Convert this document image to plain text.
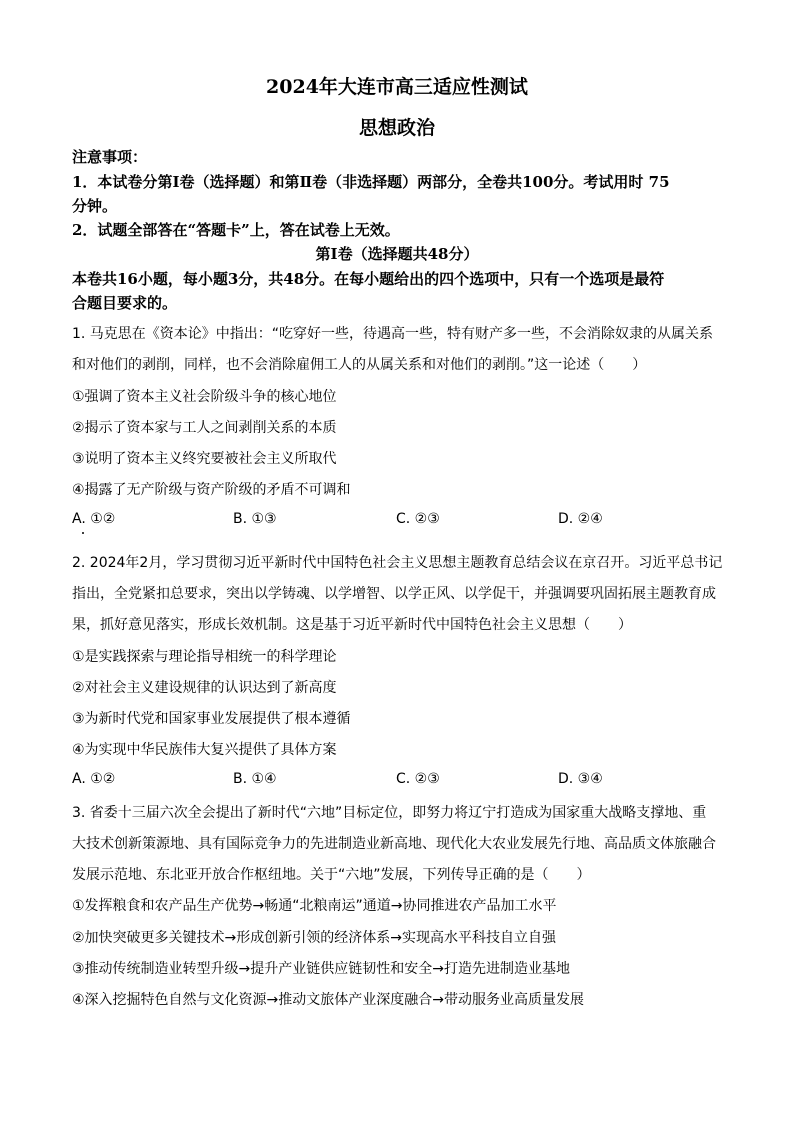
2024年大连市高三适应性测试
思想政治
注意事项：
1．本试卷分第Ⅰ卷（选择题）和第Ⅱ卷（非选择题）两部分，全卷共100分。考试用时 75
分钟。
2．试题全部答在“答题卡”上，答在试卷上无效。
第Ⅰ卷（选择题共48分）
本卷共16小题，每小题3分，共48分。在每小题给出的四个选项中，只有一个选项是最符
合题目要求的。
1. 马克思在《资本论》中指出：“吃穿好一些，待遇高一些，特有财产多一些，不会消除奴隶的从属关系
和对他们的剥削，同样，也不会消除雇佣工人的从属关系和对他们的剥削。”这一论述（　　）
①强调了资本主义社会阶级斗争的核心地位
②揭示了资本家与工人之间剥削关系的本质
③说明了资本主义终究要被社会主义所取代
④揭露了无产阶级与资产阶级的矛盾不可调和
A. ①②	B. ①③	C. ②③	D. ②④
2. 2024年2月，学习贯彻习近平新时代中国特色社会主义思想主题教育总结会议在京召开。习近平总书记
指出，全党紧扣总要求，突出以学铸魂、以学增智、以学正风、以学促干，并强调要巩固拓展主题教育成
果，抓好意见落实，形成长效机制。这是基于习近平新时代中国特色社会主义思想（　　）
①是实践探索与理论指导相统一的科学理论
②对社会主义建设规律的认识达到了新高度
③为新时代党和国家事业发展提供了根本遵循
④为实现中华民族伟大复兴提供了具体方案
A. ①②	B. ①④	C. ②③	D. ③④
3. 省委十三届六次全会提出了新时代“六地”目标定位，即努力将辽宁打造成为国家重大战略支撑地、重
大技术创新策源地、具有国际竞争力的先进制造业新高地、现代化大农业发展先行地、高品质文体旅融合
发展示范地、东北亚开放合作枢纽地。关于“六地”发展，下列传导正确的是（　　）
①发挥粮食和农产品生产优势→畅通“北粮南运”通道→协同推进农产品加工水平
②加快突破更多关键技术→形成创新引领的经济体系→实现高水平科技自立自强
③推动传统制造业转型升级→提升产业链供应链韧性和安全→打造先进制造业基地
④深入挖掘特色自然与文化资源→推动文旅体产业深度融合→带动服务业高质量发展
